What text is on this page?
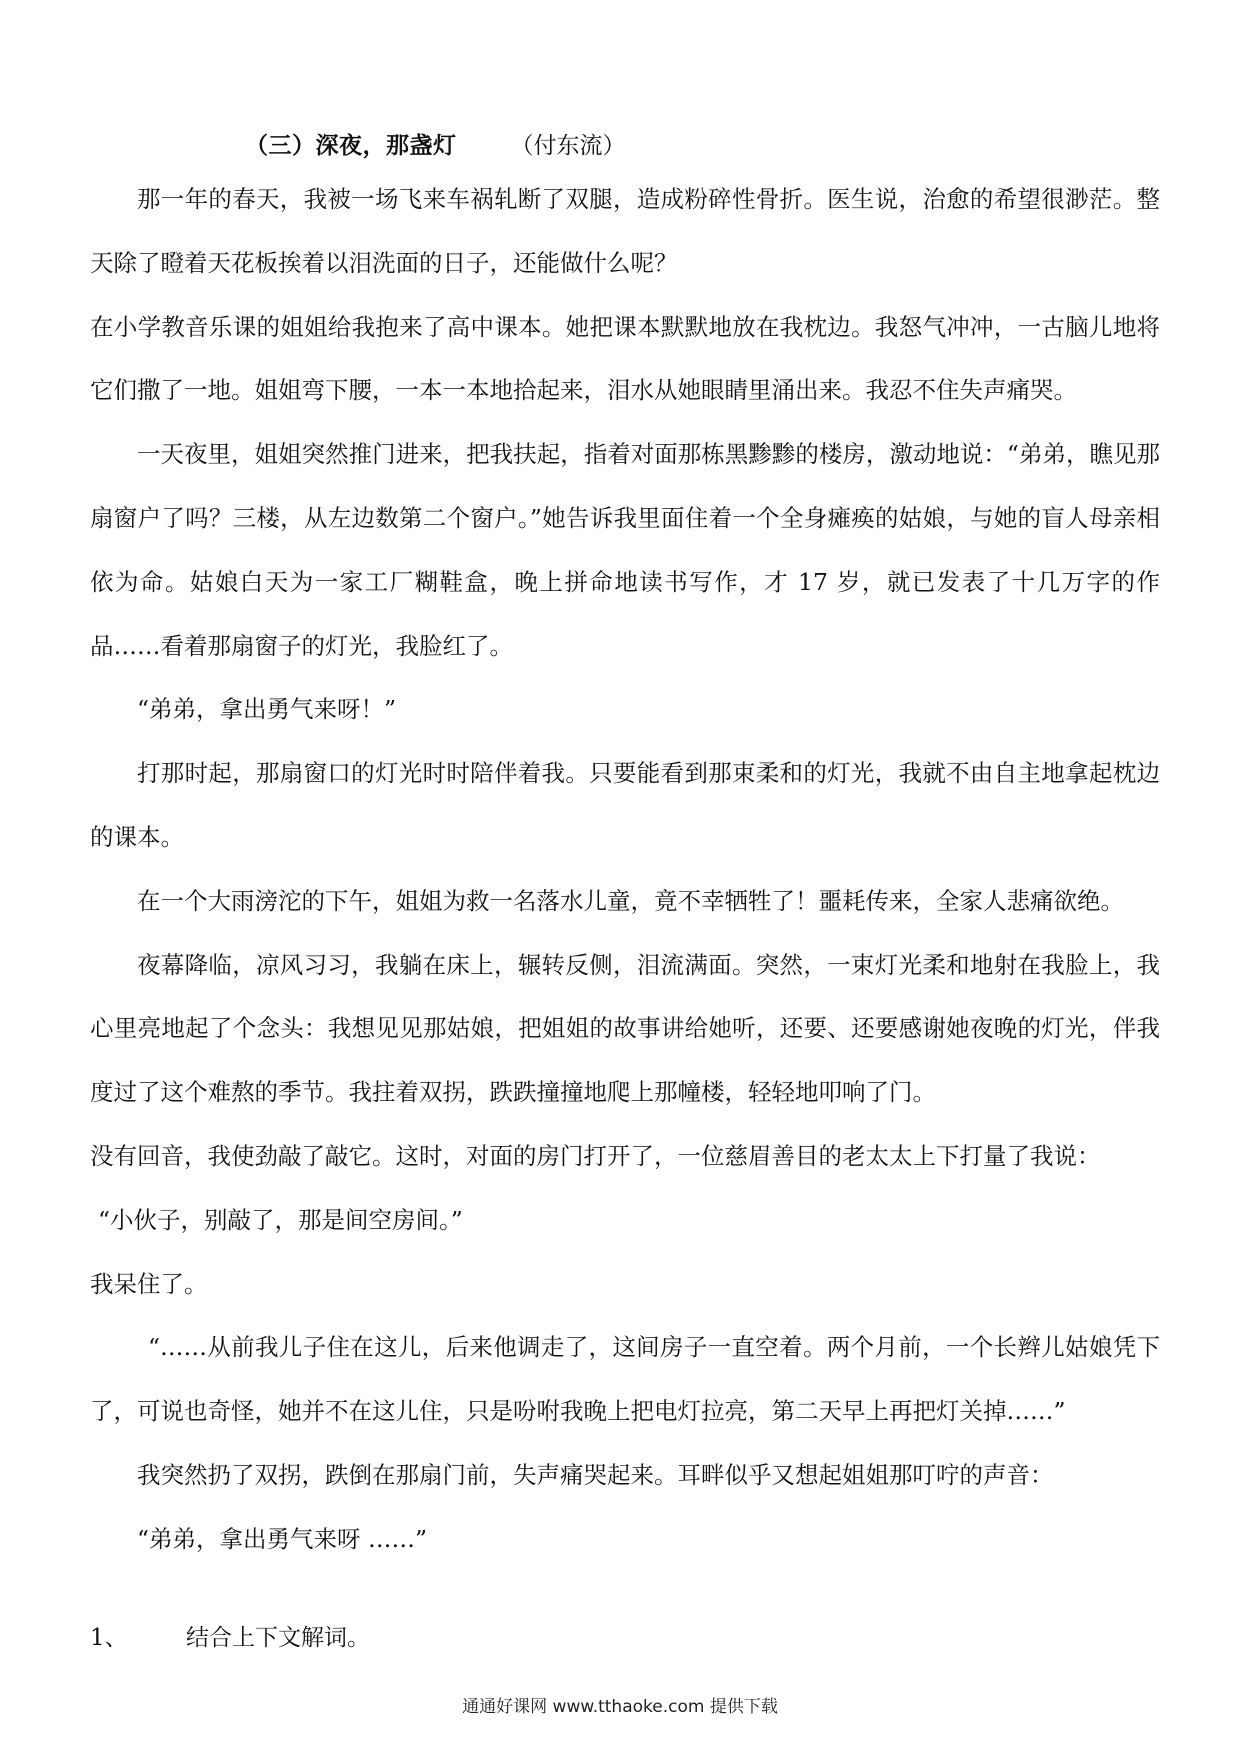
（三）深夜，那盏灯 （付东流）

那一年的春天，我被一场飞来车祸轧断了双腿，造成粉碎性骨折。医生说，治愈的希望很渺茫。整天除了瞪着天花板挨着以泪洗面的日子，还能做什么呢？

在小学教音乐课的姐姐给我抱来了高中课本。她把课本默默地放在我枕边。我怒气冲冲，一古脑儿地将它们撒了一地。姐姐弯下腰，一本一本地拾起来，泪水从她眼睛里涌出来。我忍不住失声痛哭。

一天夜里，姐姐突然推门进来，把我扶起，指着对面那栋黑黪黪的楼房，激动地说：“弟弟，瞧见那扇窗户了吗？三楼，从左边数第二个窗户。”她告诉我里面住着一个全身瘫痪的姑娘，与她的盲人母亲相依为命。姑娘白天为一家工厂糊鞋盒，晚上拼命地读书写作，才 17 岁，就已发表了十几万字的作品……看着那扇窗子的灯光，我脸红了。

“弟弟，拿出勇气来呀！”

打那时起，那扇窗口的灯光时时陪伴着我。只要能看到那束柔和的灯光，我就不由自主地拿起枕边的课本。

在一个大雨滂沱的下午，姐姐为救一名落水儿童，竟不幸牺牲了！噩耗传来，全家人悲痛欲绝。

夜幕降临，凉风习习，我躺在床上，辗转反侧，泪流满面。突然，一束灯光柔和地射在我脸上，我心里亮地起了个念头：我想见见那姑娘，把姐姐的故事讲给她听，还要、还要感谢她夜晚的灯光，伴我度过了这个难熬的季节。我拄着双拐，跌跌撞撞地爬上那幢楼，轻轻地叩响了门。

没有回音，我使劲敲了敲它。这时，对面的房门打开了，一位慈眉善目的老太太上下打量了我说：

“小伙子，别敲了，那是间空房间。”

我呆住了。

“……从前我儿子住在这儿，后来他调走了，这间房子一直空着。两个月前，一个长辫儿姑娘凭下了，可说也奇怪，她并不在这儿住，只是吩咐我晚上把电灯拉亮，第二天早上再把灯关掉……”

我突然扔了双拐，跌倒在那扇门前，失声痛哭起来。耳畔似乎又想起姐姐那叮咛的声音：

“弟弟，拿出勇气来呀 ……”

1、	结合上下文解词。
通通好课网 www.tthaoke.com 提供下载
